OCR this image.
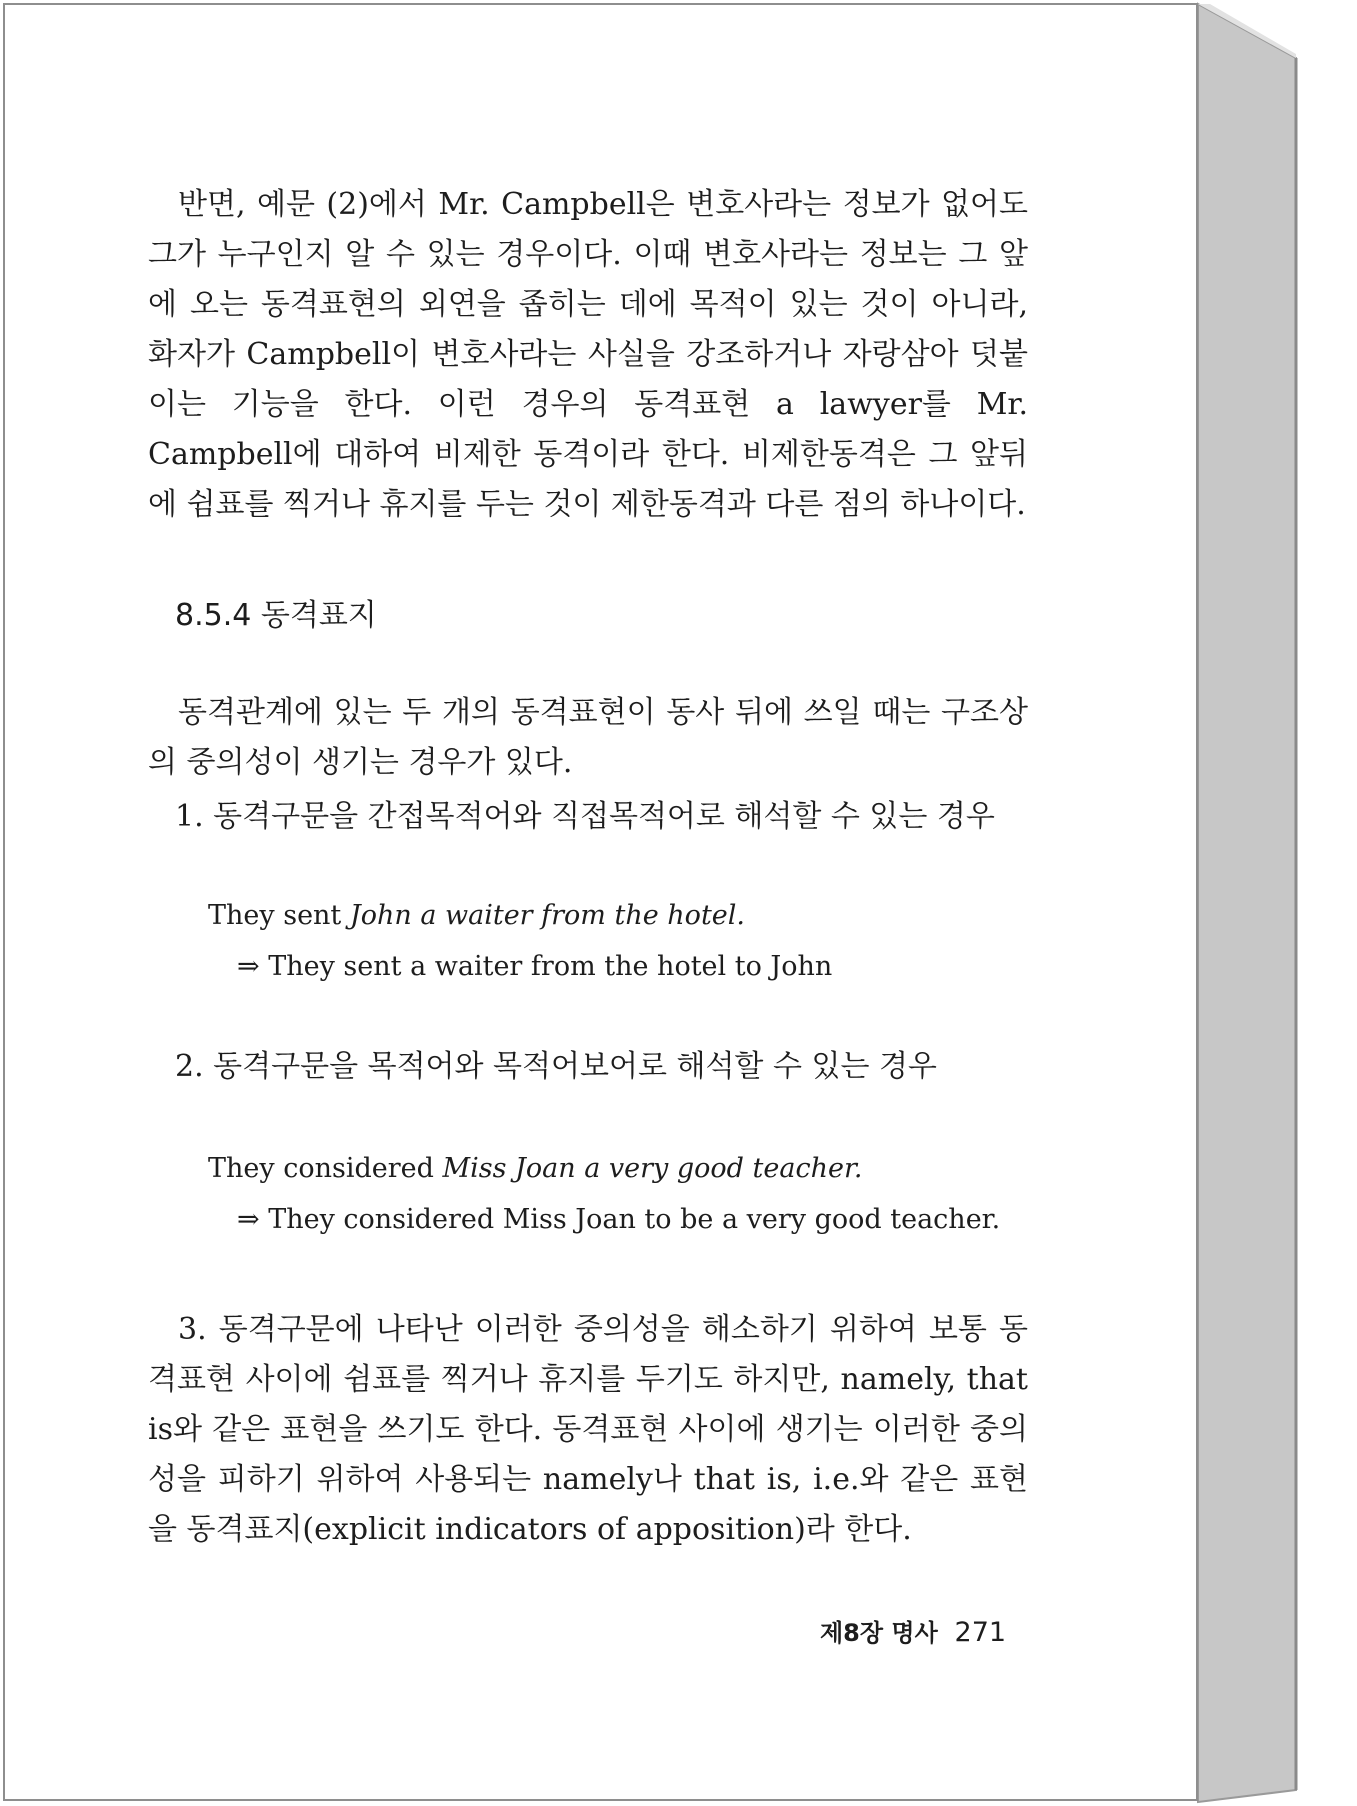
반면, 예문 (2)에서 Mr. Campbell은 변호사라는 정보가 없어도 그가 누구인지 알 수 있는 경우이다. 이때 변호사라는 정보는 그 앞에 오는 동격표현의 외연을 좁히는 데에 목적이 있는 것이 아니라, 화자가 Campbell이 변호사라는 사실을 강조하거나 자랑삼아 덧붙이는 기능을 한다. 이런 경우의 동격표현 a lawyer를 Mr. Campbell에 대하여 비제한 동격이라 한다. 비제한동격은 그 앞뒤에 쉼표를 찍거나 휴지를 두는 것이 제한동격과 다른 점의 하나이다.
8.5.4 동격표지
동격관계에 있는 두 개의 동격표현이 동사 뒤에 쓰일 때는 구조상의 중의성이 생기는 경우가 있다.
1. 동격구문을 간접목적어와 직접목적어로 해석할 수 있는 경우
They sent John a waiter from the hotel.
⇒ They sent a waiter from the hotel to John
2. 동격구문을 목적어와 목적어보어로 해석할 수 있는 경우
They considered Miss Joan a very good teacher.
⇒ They considered Miss Joan to be a very good teacher.
3. 동격구문에 나타난 이러한 중의성을 해소하기 위하여 보통 동격표현 사이에 쉼표를 찍거나 휴지를 두기도 하지만, namely, that is와 같은 표현을 쓰기도 한다. 동격표현 사이에 생기는 이러한 중의성을 피하기 위하여 사용되는 namely나 that is, i.e.와 같은 표현을 동격표지(explicit indicators of apposition)라 한다.
제8장 명사 271
